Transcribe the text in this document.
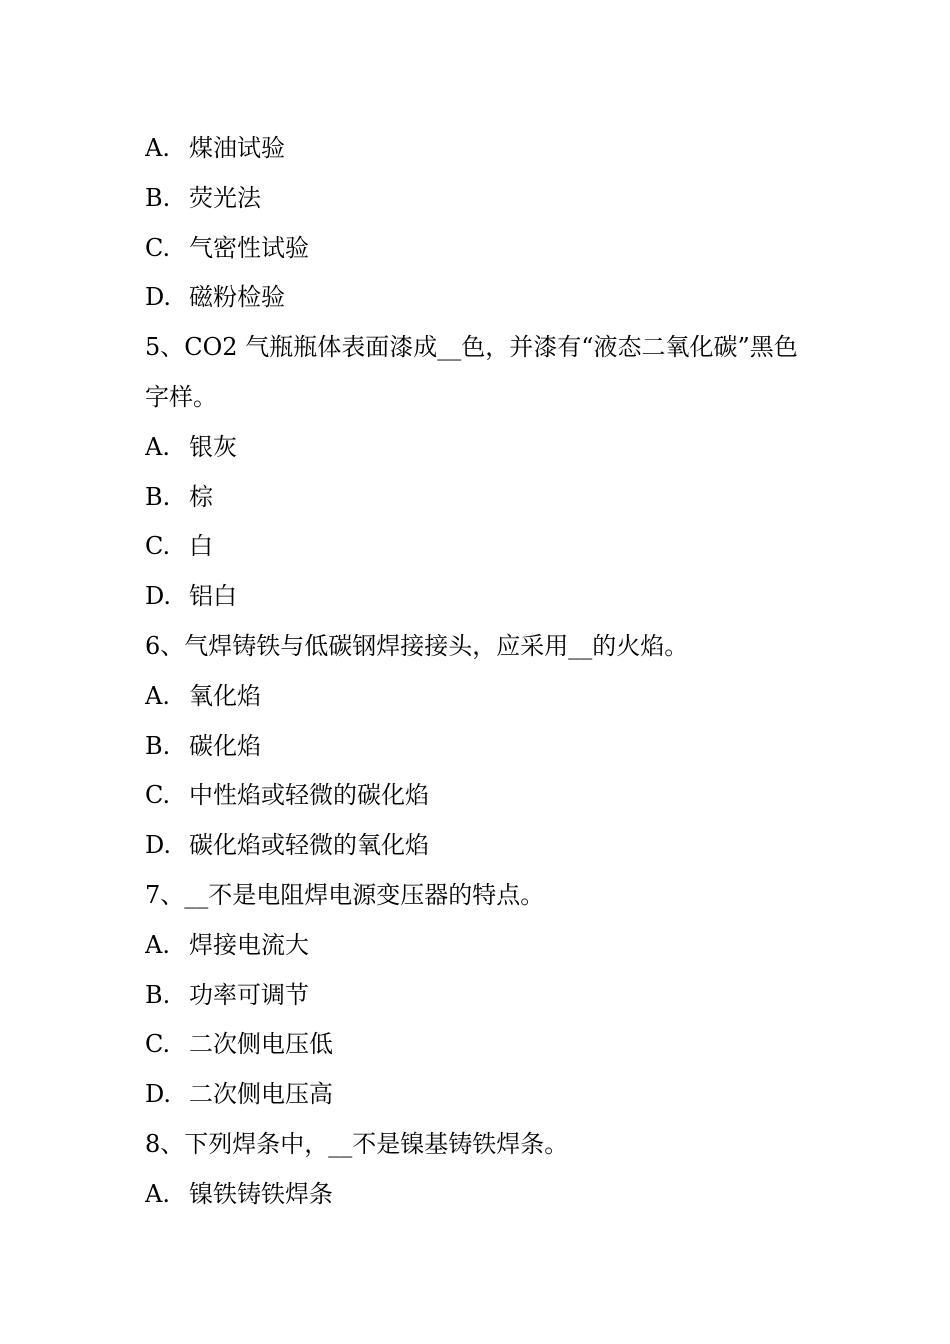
A. 煤油试验
B. 荧光法
C. 气密性试验
D. 磁粉检验
5、CO2 气瓶瓶体表面漆成__色，并漆有“液态二氧化碳”黑色字样。
A. 银灰
B. 棕
C. 白
D. 铝白
6、气焊铸铁与低碳钢焊接接头，应采用__的火焰。
A. 氧化焰
B. 碳化焰
C. 中性焰或轻微的碳化焰
D. 碳化焰或轻微的氧化焰
7、__不是电阻焊电源变压器的特点。
A. 焊接电流大
B. 功率可调节
C. 二次侧电压低
D. 二次侧电压高
8、下列焊条中，__不是镍基铸铁焊条。
A. 镍铁铸铁焊条
